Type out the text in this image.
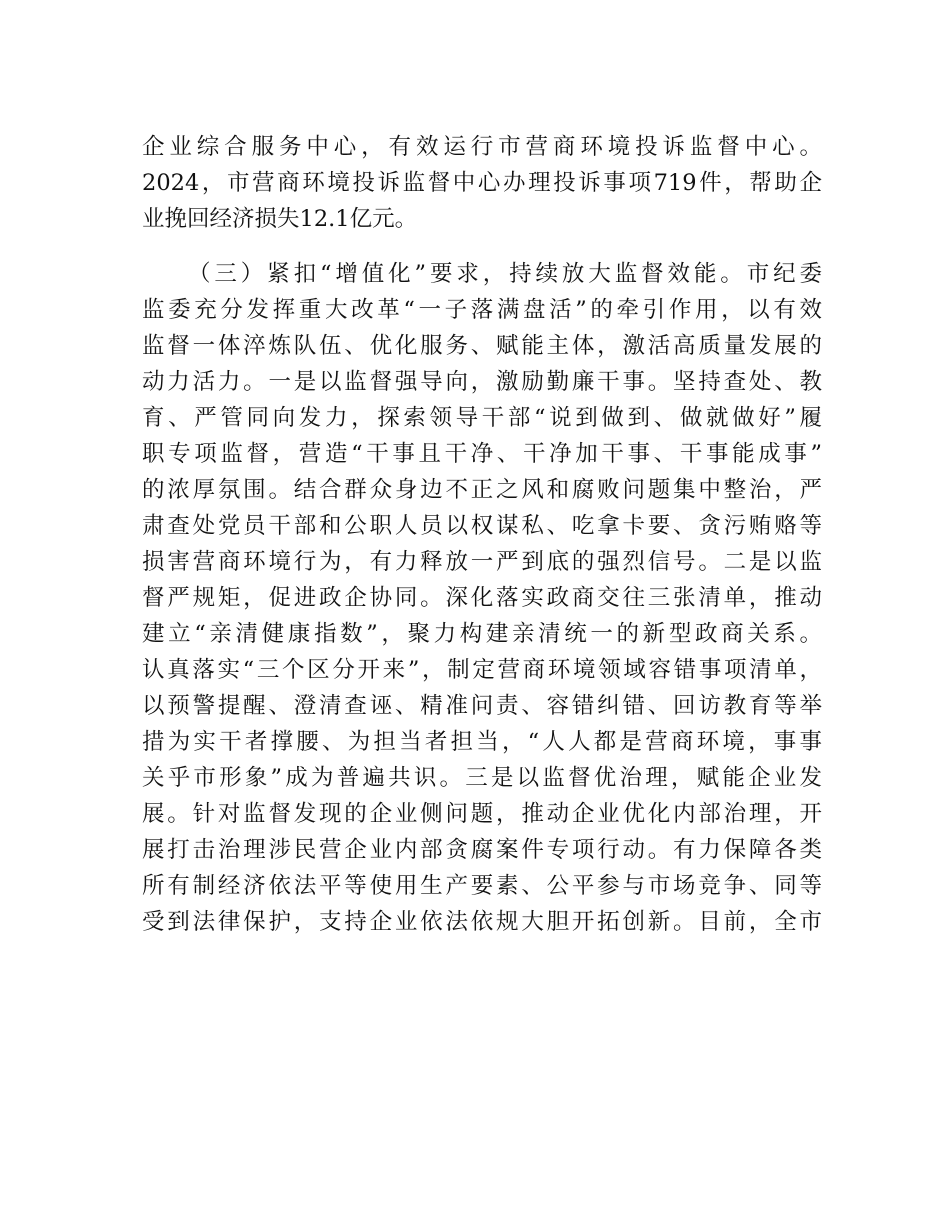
企业综合服务中心，有效运行市营商环境投诉监督中心。
2024，市营商环境投诉监督中心办理投诉事项719件，帮助企
业挽回经济损失12.1亿元。
（三）紧扣“增值化”要求，持续放大监督效能。市纪委
监委充分发挥重大改革“一子落满盘活”的牵引作用，以有效
监督一体淬炼队伍、优化服务、赋能主体，激活高质量发展的
动力活力。一是以监督强导向，激励勤廉干事。坚持查处、教
育、严管同向发力，探索领导干部“说到做到、做就做好”履
职专项监督，营造“干事且干净、干净加干事、干事能成事”
的浓厚氛围。结合群众身边不正之风和腐败问题集中整治，严
肃查处党员干部和公职人员以权谋私、吃拿卡要、贪污贿赂等
损害营商环境行为，有力释放一严到底的强烈信号。二是以监
督严规矩，促进政企协同。深化落实政商交往三张清单，推动
建立“亲清健康指数”，聚力构建亲清统一的新型政商关系。
认真落实“三个区分开来”，制定营商环境领域容错事项清单，
以预警提醒、澄清查诬、精准问责、容错纠错、回访教育等举
措为实干者撑腰、为担当者担当，“人人都是营商环境，事事
关乎市形象”成为普遍共识。三是以监督优治理，赋能企业发
展。针对监督发现的企业侧问题，推动企业优化内部治理，开
展打击治理涉民营企业内部贪腐案件专项行动。有力保障各类
所有制经济依法平等使用生产要素、公平参与市场竞争、同等
受到法律保护，支持企业依法依规大胆开拓创新。目前，全市
